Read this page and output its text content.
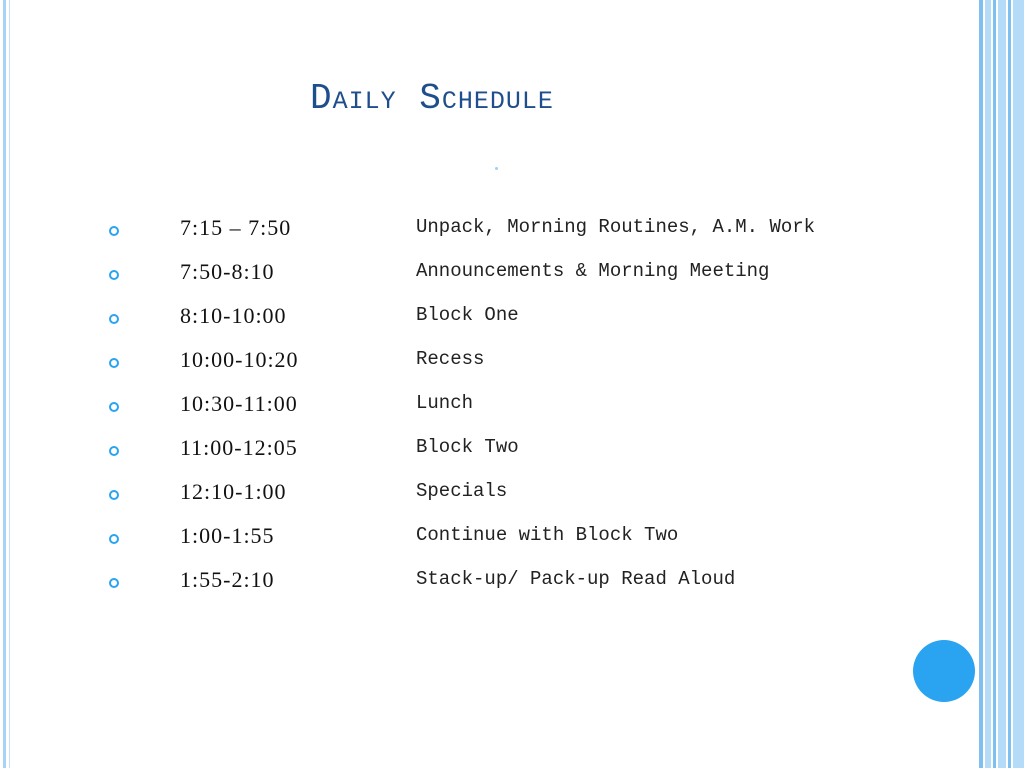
Daily Schedule
7:15 – 7:50	Unpack, Morning Routines, A.M. Work
7:50-8:10	Announcements & Morning Meeting
8:10-10:00	Block One
10:00-10:20	Recess
10:30-11:00	Lunch
11:00-12:05	Block Two
12:10-1:00	Specials
1:00-1:55	Continue with Block Two
1:55-2:10	Stack-up/ Pack-up Read Aloud
